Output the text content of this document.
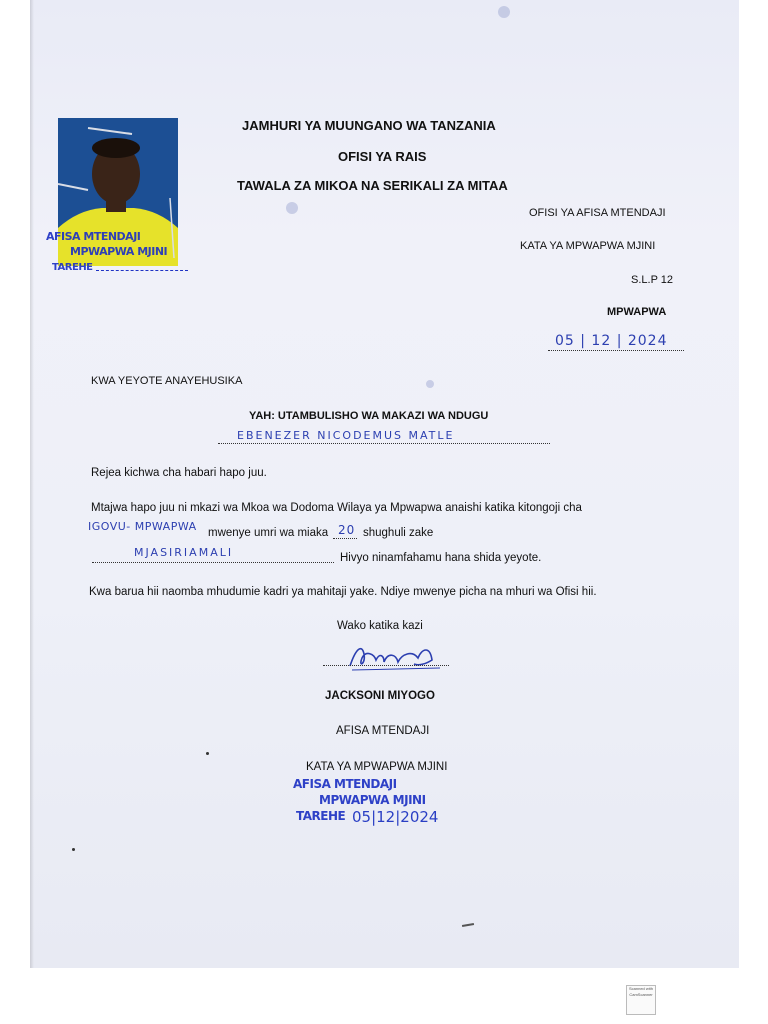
AFISA MTENDAJI
MPWAPWA MJINI
TAREHE
JAMHURI YA MUUNGANO WA TANZANIA
OFISI YA RAIS
TAWALA ZA MIKOA NA SERIKALI ZA MITAA
OFISI YA AFISA MTENDAJI
KATA YA MPWAPWA MJINI
S.L.P 12
MPWAPWA
05 | 12 | 2024
KWA YEYOTE ANAYEHUSIKA
YAH: UTAMBULISHO WA MAKAZI WA NDUGU
EBENEZER NICODEMUS MATLE
Rejea kichwa cha habari hapo juu.
Mtajwa hapo juu ni mkazi wa Mkoa wa Dodoma Wilaya ya Mpwapwa anaishi katika kitongoji cha
IGOVU- MPWAPWA mwenye umri wa miaka 20 shughuli zake
MJASIRIAMALI	Hivyo ninamfahamu hana shida yeyote.
Kwa barua hii naomba mhudumie kadri ya mahitaji yake. Ndiye mwenye picha na mhuri wa Ofisi hii.
Wako katika kazi
JACKSONI MIYOGO
AFISA MTENDAJI
KATA YA MPWAPWA MJINI
AFISA MTENDAJI
MPWAPWA MJINI
TAREHE 05|12|2024
Scanned with CamScanner
